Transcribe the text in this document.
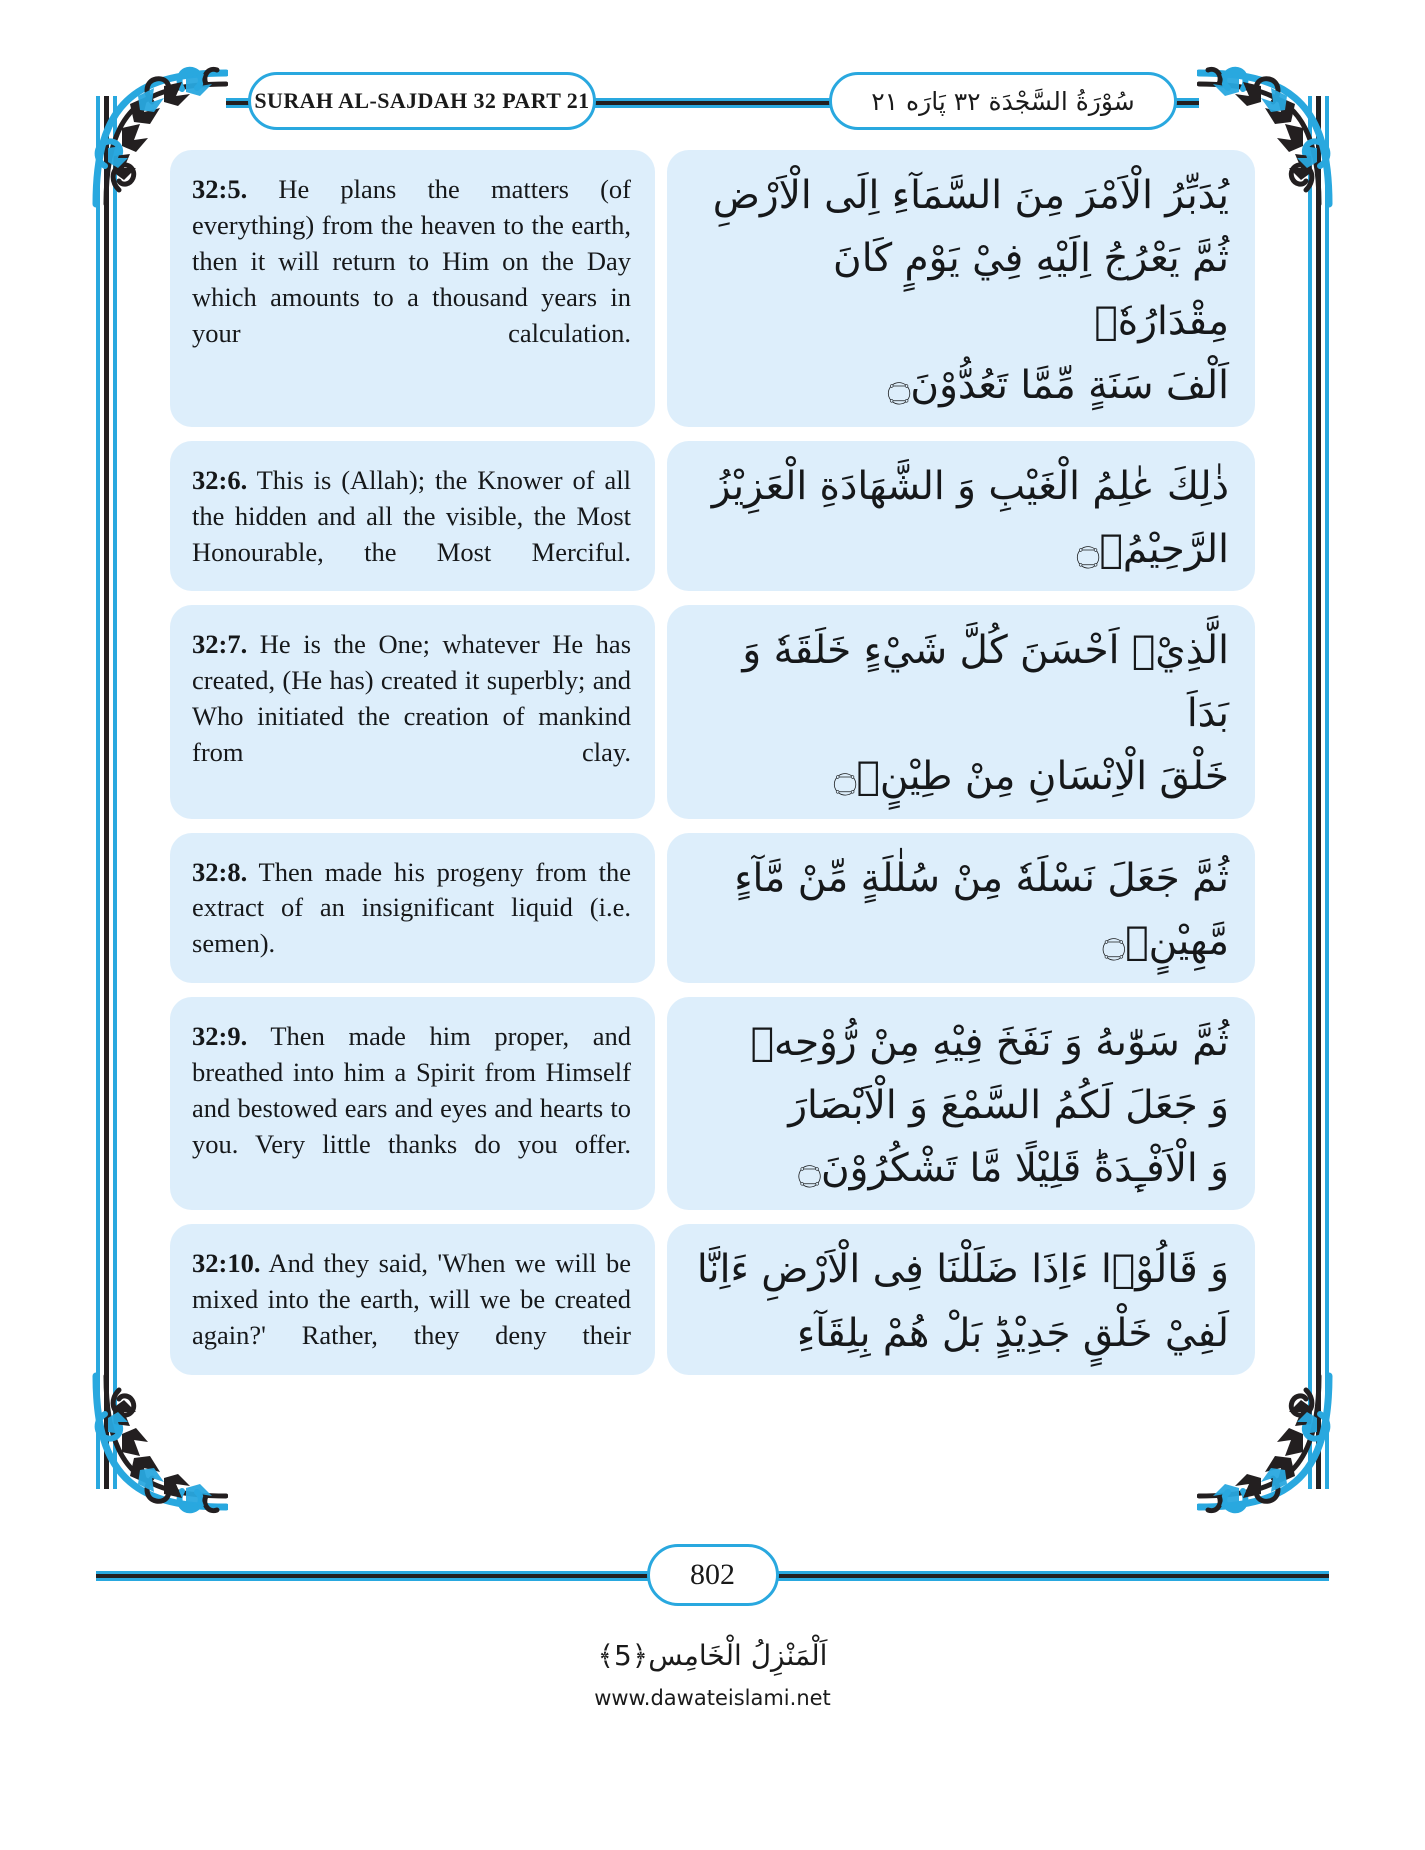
SURAH AL-SAJDAH 32 PART 21	سُوْرَةُ السَّجْدَة ٣٢ پَارَه ٢١
32:5. He plans the matters (of everything) from the heaven to the earth, then it will return to Him on the Day which amounts to a thousand years in your calculation.
يُدَبِّرُ الْاَمْرَ مِنَ السَّمَآءِ اِلَى الْاَرْضِ
ثُمَّ يَعْرُجُ اِلَيْهِ فِيْ يَوْمٍ كَانَ مِقْدَارُهٗۤ
اَلْفَ سَنَةٍ مِّمَّا تَعُدُّوْنَ۝
32:6. This is (Allah); the Knower of all the hidden and all the visible, the Most Honourable, the Most Merciful.
ذٰلِكَ عٰلِمُ الْغَيْبِ وَ الشَّهَادَةِ الْعَزِيْزُ
الرَّحِيْمُۙ۝
32:7. He is the One; whatever He has created, (He has) created it superbly; and Who initiated the creation of mankind from clay.
الَّذِيْۤ اَحْسَنَ كُلَّ شَيْءٍ خَلَقَهٗ وَ بَدَاَ
خَلْقَ الْاِنْسَانِ مِنْ طِيْنٍۚ۝
32:8. Then made his progeny from the extract of an insignificant liquid (i.e. semen).
ثُمَّ جَعَلَ نَسْلَهٗ مِنْ سُلٰلَةٍ مِّنْ مَّآءٍ
مَّهِيْنٍۚ۝
32:9. Then made him proper, and breathed into him a Spirit from Himself and bestowed ears and eyes and hearts to you. Very little thanks do you offer.
ثُمَّ سَوّٰىهُ وَ نَفَخَ فِيْهِ مِنْ رُّوْحِهٖ
وَ جَعَلَ لَكُمُ السَّمْعَ وَ الْاَبْصَارَ
وَ الْاَفْـِٕدَةَؕ قَلِيْلًا مَّا تَشْكُرُوْنَ۝
32:10. And they said, 'When we will be mixed into the earth, will we be created again?' Rather, they deny their
وَ قَالُوْۤا ءَاِذَا ضَلَلْنَا فِى الْاَرْضِ ءَاِنَّا
لَفِيْ خَلْقٍ جَدِيْدٍؕ بَلْ هُمْ بِلِقَآءِ
802
اَلْمَنْزِلُ الْخَامِس﴿5﴾
www.dawateislami.net
